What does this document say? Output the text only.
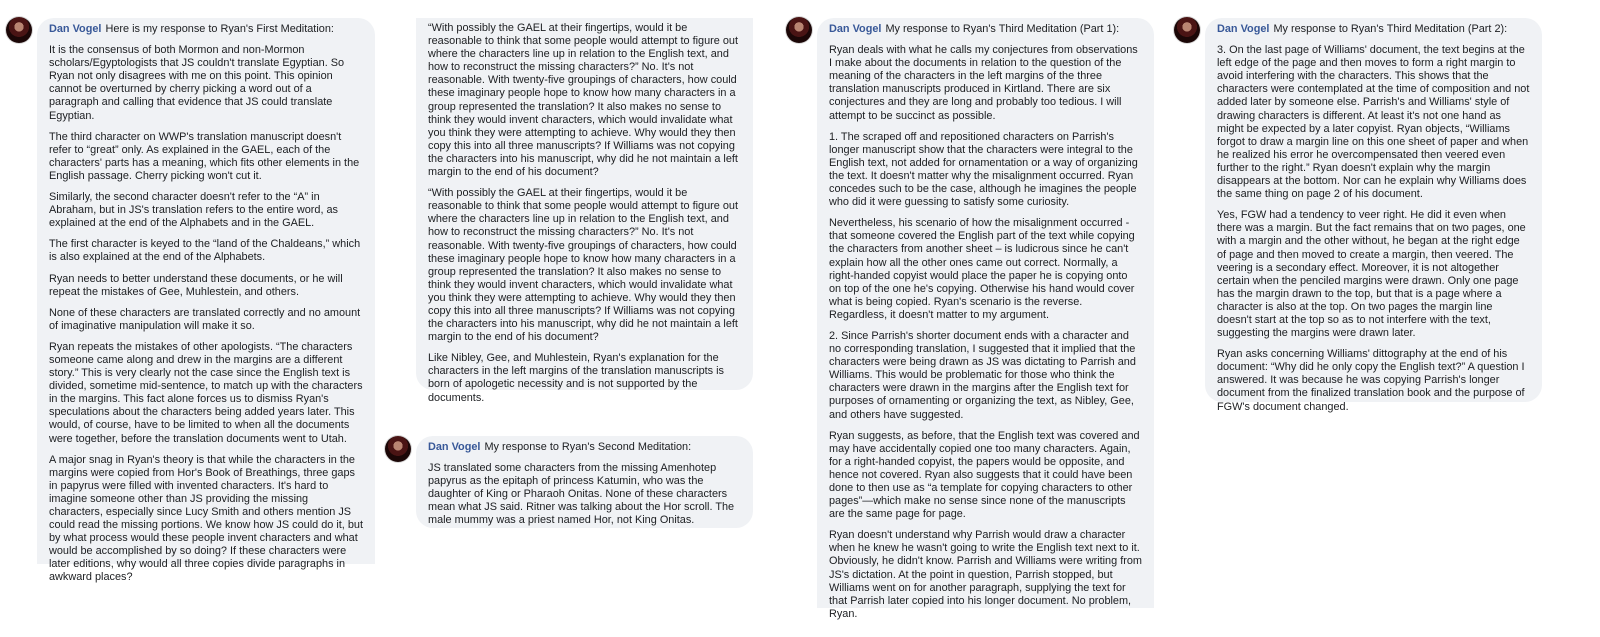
Dan Vogel Here is my response to Ryan's First Meditation:

It is the consensus of both Mormon and non-Mormon scholars/Egyptologists that JS couldn't translate Egyptian. So Ryan not only disagrees with me on this point. This opinion cannot be overturned by cherry picking a word out of a paragraph and calling that evidence that JS could translate Egyptian.

The third character on WWP's translation manuscript doesn't refer to “great” only. As explained in the GAEL, each of the characters' parts has a meaning, which fits other elements in the English passage. Cherry picking won't cut it.

Similarly, the second character doesn't refer to the “A” in Abraham, but in JS's translation refers to the entire word, as explained at the end of the Alphabets and in the GAEL.

The first character is keyed to the “land of the Chaldeans,” which is also explained at the end of the Alphabets.

Ryan needs to better understand these documents, or he will repeat the mistakes of Gee, Muhlestein, and others.

None of these characters are translated correctly and no amount of imaginative manipulation will make it so.

Ryan repeats the mistakes of other apologists. “The characters someone came along and drew in the margins are a different story.” This is very clearly not the case since the English text is divided, sometime mid-sentence, to match up with the characters in the margins. This fact alone forces us to dismiss Ryan's speculations about the characters being added years later. This would, of course, have to be limited to when all the documents were together, before the translation documents went to Utah.

A major snag in Ryan's theory is that while the characters in the margins were copied from Hor's Book of Breathings, three gaps in papyrus were filled with invented characters. It's hard to imagine someone other than JS providing the missing characters, especially since Lucy Smith and others mention JS could read the missing portions. We know how JS could do it, but by what process would these people invent characters and what would be accomplished by so doing? If these characters were later editions, why would all three copies divide paragraphs in awkward places?

“With possibly the GAEL at their fingertips, would it be reasonable to think that some people would attempt to figure out where the characters line up in relation to the English text, and how to reconstruct the missing characters?” No. It's not reasonable. With twenty-five groupings of characters, how could these imaginary people hope to know how many characters in a group represented the translation? It also makes no sense to think they would invent characters, which would invalidate what you think they were attempting to achieve. Why would they then copy this into all three manuscripts? If Williams was not copying the characters into his manuscript, why did he not maintain a left margin to the end of his document?

“With possibly the GAEL at their fingertips, would it be reasonable to think that some people would attempt to figure out where the characters line up in relation to the English text, and how to reconstruct the missing characters?” No. It's not reasonable. With twenty-five groupings of characters, how could these imaginary people hope to know how many characters in a group represented the translation? It also makes no sense to think they would invent characters, which would invalidate what you think they were attempting to achieve. Why would they then copy this into all three manuscripts? If Williams was not copying the characters into his manuscript, why did he not maintain a left margin to the end of his document?

Like Nibley, Gee, and Muhlestein, Ryan's explanation for the characters in the left margins of the translation manuscripts is born of apologetic necessity and is not supported by the documents.

Dan Vogel My response to Ryan's Second Meditation:

JS translated some characters from the missing Amenhotep papyrus as the epitaph of princess Katumin, who was the daughter of King or Pharaoh Onitas. None of these characters mean what JS said. Ritner was talking about the Hor scroll. The male mummy was a priest named Hor, not King Onitas.

Dan Vogel My response to Ryan's Third Meditation (Part 1):

Ryan deals with what he calls my conjectures from observations I make about the documents in relation to the question of the meaning of the characters in the left margins of the three translation manuscripts produced in Kirtland. There are six conjectures and they are long and probably too tedious. I will attempt to be succinct as possible.

1. The scraped off and repositioned characters on Parrish's longer manuscript show that the characters were integral to the English text, not added for ornamentation or a way of organizing the text. It doesn't matter why the misalignment occurred. Ryan concedes such to be the case, although he imagines the people who did it were guessing to satisfy some curiosity.

Nevertheless, his scenario of how the misalignment occurred - that someone covered the English part of the text while copying the characters from another sheet – is ludicrous since he can't explain how all the other ones came out correct. Normally, a right-handed copyist would place the paper he is copying onto on top of the one he's copying. Otherwise his hand would cover what is being copied. Ryan's scenario is the reverse. Regardless, it doesn't matter to my argument.

2. Since Parrish's shorter document ends with a character and no corresponding translation, I suggested that it implied that the characters were being drawn as JS was dictating to Parrish and Williams. This would be problematic for those who think the characters were drawn in the margins after the English text for purposes of ornamenting or organizing the text, as Nibley, Gee, and others have suggested.

Ryan suggests, as before, that the English text was covered and may have accidentally copied one too many characters. Again, for a right-handed copyist, the papers would be opposite, and hence not covered. Ryan also suggests that it could have been done to then use as “a template for copying characters to other pages”—which make no sense since none of the manuscripts are the same page for page.

Ryan doesn't understand why Parrish would draw a character when he knew he wasn't going to write the English text next to it. Obviously, he didn't know. Parrish and Williams were writing from JS's dictation. At the point in question, Parrish stopped, but Williams went on for another paragraph, supplying the text for that Parrish later copied into his longer document. No problem, Ryan.

Dan Vogel My response to Ryan's Third Meditation (Part 2):

3. On the last page of Williams' document, the text begins at the left edge of the page and then moves to form a right margin to avoid interfering with the characters. This shows that the characters were contemplated at the time of composition and not added later by someone else. Parrish's and Williams' style of drawing characters is different. At least it's not one hand as might be expected by a later copyist. Ryan objects, “Williams forgot to draw a margin line on this one sheet of paper and when he realized his error he overcompensated then veered even further to the right.” Ryan doesn't explain why the margin disappears at the bottom. Nor can he explain why Williams does the same thing on page 2 of his document.

Yes, FGW had a tendency to veer right. He did it even when there was a margin. But the fact remains that on two pages, one with a margin and the other without, he began at the right edge of page and then moved to create a margin, then veered. The veering is a secondary effect. Moreover, it is not altogether certain when the penciled margins were drawn. Only one page has the margin drawn to the top, but that is a page where a character is also at the top. On two pages the margin line doesn't start at the top so as to not interfere with the text, suggesting the margins were drawn later.

Ryan asks concerning Williams' dittography at the end of his document: “Why did he only copy the English text?” A question I answered. It was because he was copying Parrish's longer document from the finalized translation book and the purpose of FGW's document changed.
